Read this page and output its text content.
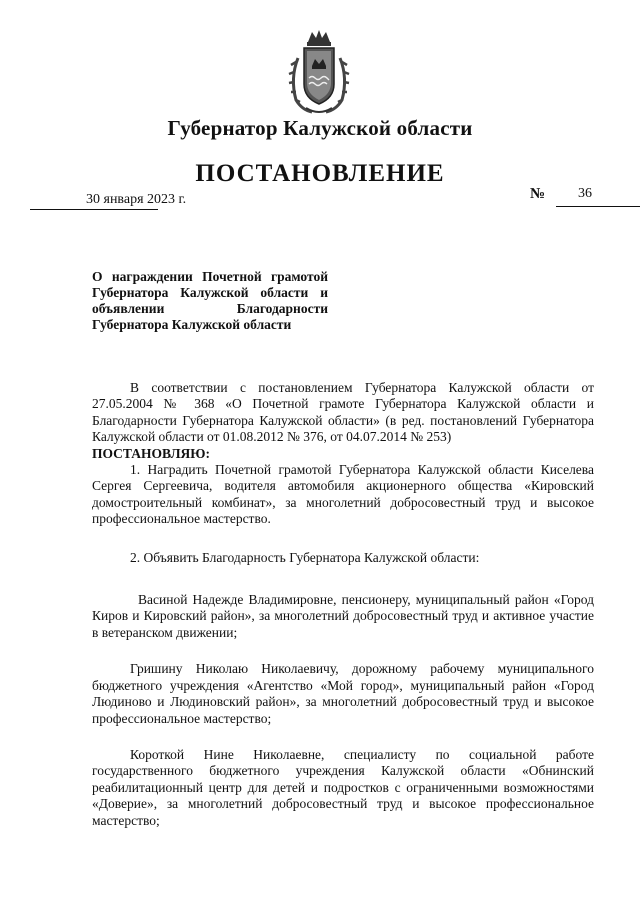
Губернатор Калужской области
ПОСТАНОВЛЕНИЕ
30 января 2023 г.	№ 36
О награждении Почетной грамотой Губернатора Калужской области и объявлении Благодарности Губернатора Калужской области

В соответствии с постановлением Губернатора Калужской области от 27.05.2004 № 368 «О Почетной грамоте Губернатора Калужской области и Благодарности Губернатора Калужской области» (в ред. постановлений Губернатора Калужской области от 01.08.2012 № 376, от 04.07.2014 № 253)

ПОСТАНОВЛЯЮ:

1. Наградить Почетной грамотой Губернатора Калужской области Киселева Сергея Сергеевича, водителя автомобиля акционерного общества «Кировский домостроительный комбинат», за многолетний добросовестный труд и высокое профессиональное мастерство.

2. Объявить Благодарность Губернатора Калужской области:

Васиной Надежде Владимировне, пенсионеру, муниципальный район «Город Киров и Кировский район», за многолетний добросовестный труд и активное участие в ветеранском движении;

Гришину Николаю Николаевичу, дорожному рабочему муниципального бюджетного учреждения «Агентство «Мой город», муниципальный район «Город Людиново и Людиновский район», за многолетний добросовестный труд и высокое профессиональное мастерство;

Короткой Нине Николаевне, специалисту по социальной работе государственного бюджетного учреждения Калужской области «Обнинский реабилитационный центр для детей и подростков с ограниченными возможностями «Доверие», за многолетний добросовестный труд и высокое профессиональное мастерство;
